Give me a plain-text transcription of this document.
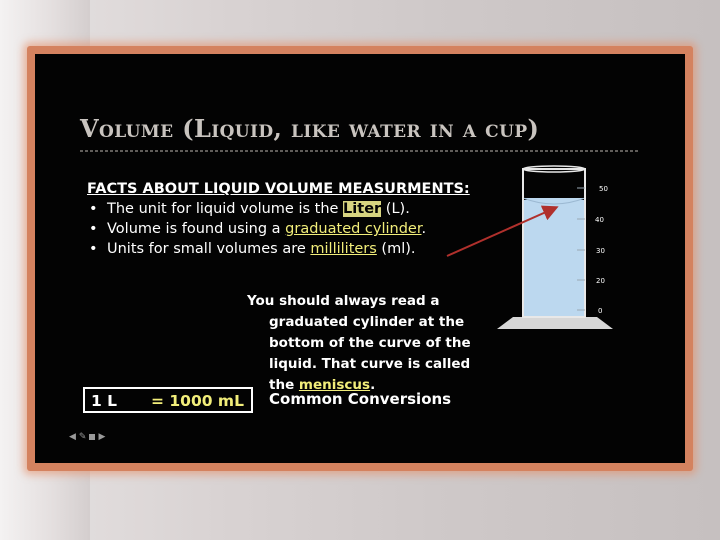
Volume (Liquid, like water in a cup)
FACTS ABOUT LIQUID VOLUME MEASURMENTS:
• The unit for liquid volume is the Liter (L).
• Volume is found using a graduated cylinder.
• Units for small volumes are milliliters (ml).
50
40
30
20
0
You should always read a
graduated cylinder at the
bottom of the curve of the
liquid. That curve is called
the meniscus.
1 L = 1000 mL Common Conversions
◀ ✎ ▶
